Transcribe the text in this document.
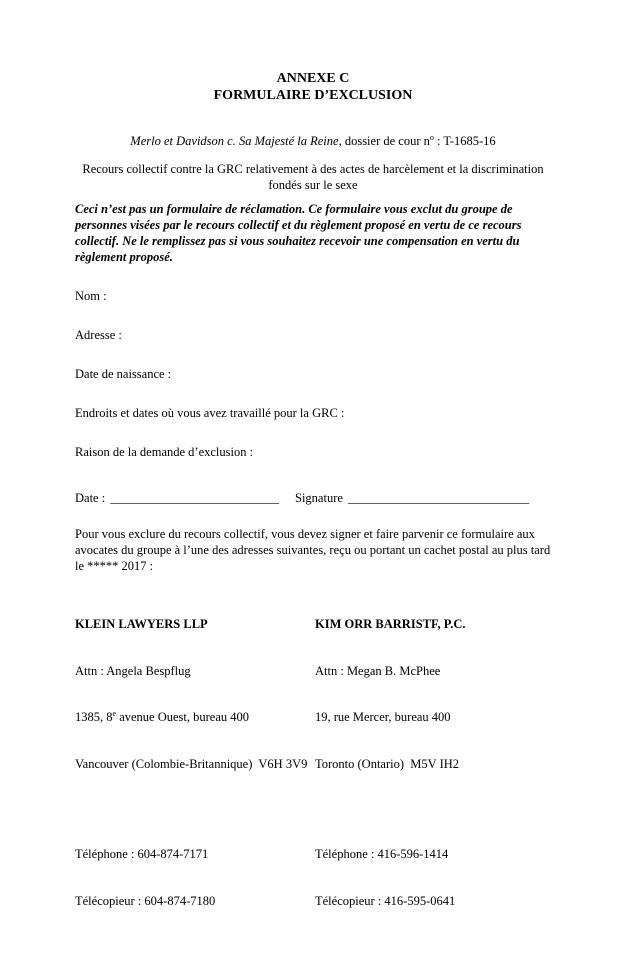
ANNEXE C
FORMULAIRE D’EXCLUSION
Merlo et Davidson c. Sa Majesté la Reine, dossier de cour $n^o$ : T-1685-16
Recours collectif contre la GRC relativement à des actes de harcèlement et la discrimination fondés sur le sexe
Ceci n’est pas un formulaire de réclamation. Ce formulaire vous exclut du groupe de personnes visées par le recours collectif et du règlement proposé en vertu de ce recours collectif. Ne le remplissez pas si vous souhaitez recevoir une compensation en vertu du règlement proposé.
Nom :
Adresse :
Date de naissance :
Endroits et dates où vous avez travaillé pour la GRC :
Raison de la demande d’exclusion :
Date : ___________________________	Signature _____________________________
Pour vous exclure du recours collectif, vous devez signer et faire parvenir ce formulaire aux avocates du groupe à l’une des adresses suivantes, reçu ou portant un cachet postal au plus tard le ***** 2017 :

KLEIN LAWYERS LLP

Attn : Angela Bespflug

1385, 8e avenue Ouest, bureau 400

Vancouver (Colombie-Britannique)  V6H 3V9

Téléphone : 604-874-7171

Télécopieur : 604-874-7180

KIM ORR BARRISTF, P.C.

Attn : Megan B. McPhee

19, rue Mercer, bureau 400

Toronto (Ontario)  M5V IH2

Téléphone : 416-596-1414

Télécopieur : 416-595-0641
